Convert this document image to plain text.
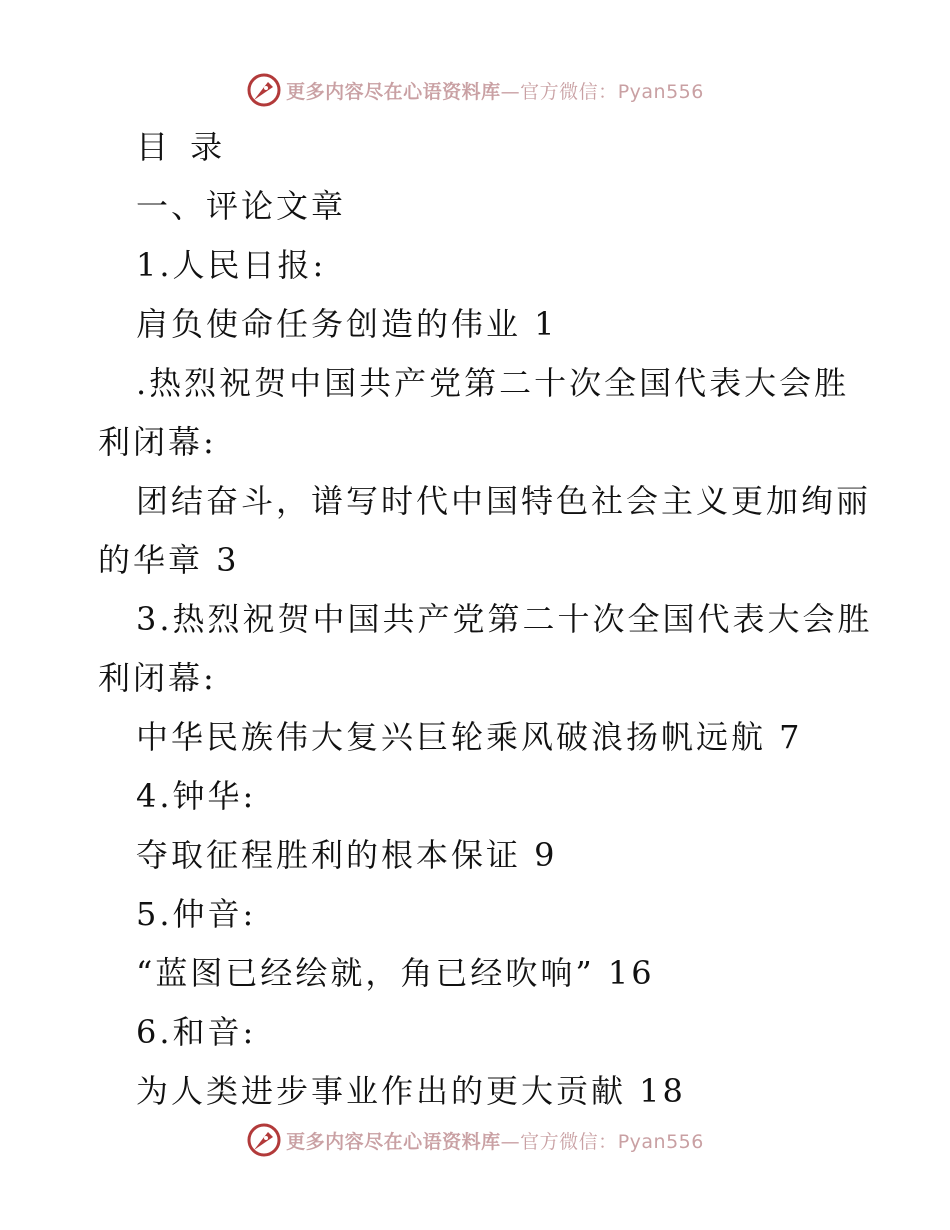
更多内容尽在心语资料库—官方微信：Pyan556
目 录
一、评论文章
1.人民日报:
肩负使命任务创造的伟业 1
.热烈祝贺中国共产党第二十次全国代表大会胜
利闭幕:
团结奋斗，谱写时代中国特色社会主义更加绚丽
的华章 3
3.热烈祝贺中国共产党第二十次全国代表大会胜
利闭幕:
中华民族伟大复兴巨轮乘风破浪扬帆远航 7
4.钟华:
夺取征程胜利的根本保证 9
5.仲音:
“蓝图已经绘就，角已经吹响” 16
6.和音:
为人类进步事业作出的更大贡献 18
更多内容尽在心语资料库—官方微信：Pyan556
